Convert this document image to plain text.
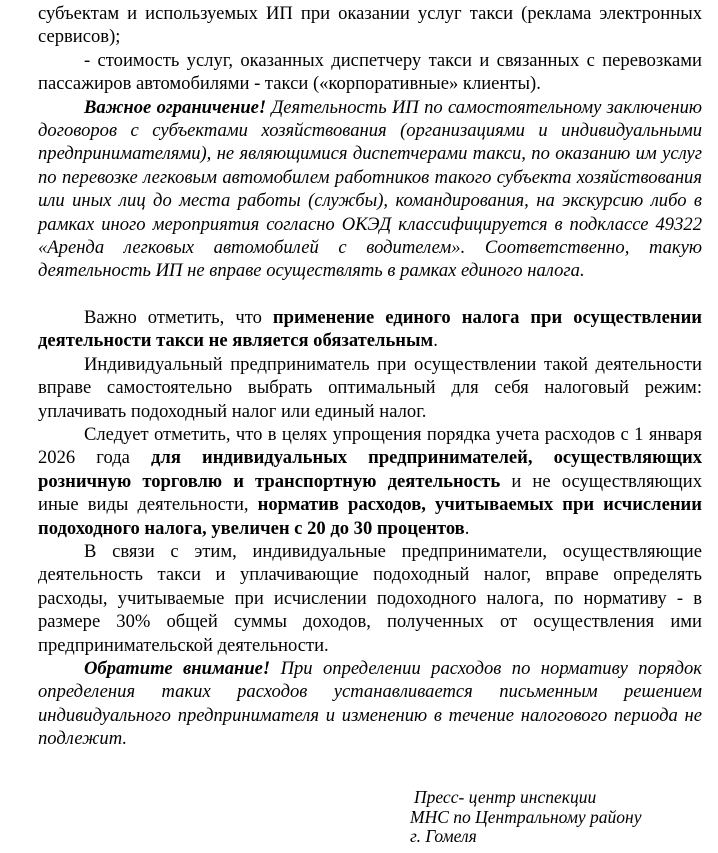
субъектам и используемых ИП при оказании услуг такси (реклама электронных сервисов);

- стоимость услуг, оказанных диспетчеру такси и связанных с перевозками пассажиров автомобилями - такси («корпоративные» клиенты).

Важное ограничение! Деятельность ИП по самостоятельному заключению договоров с субъектами хозяйствования (организациями и индивидуальными предпринимателями), не являющимися диспетчерами такси, по оказанию им услуг по перевозке легковым автомобилем работников такого субъекта хозяйствования или иных лиц до места работы (службы), командирования, на экскурсию либо в рамках иного мероприятия согласно ОКЭД классифицируется в подклассе 49322 «Аренда легковых автомобилей с водителем». Соответственно, такую деятельность ИП не вправе осуществлять в рамках единого налога.

Важно отметить, что применение единого налога при осуществлении деятельности такси не является обязательным.

Индивидуальный предприниматель при осуществлении такой деятельности вправе самостоятельно выбрать оптимальный для себя налоговый режим: уплачивать подоходный налог или единый налог.

Следует отметить, что в целях упрощения порядка учета расходов с 1 января 2026 года для индивидуальных предпринимателей, осуществляющих розничную торговлю и транспортную деятельность и не осуществляющих иные виды деятельности, норматив расходов, учитываемых при исчислении подоходного налога, увеличен с 20 до 30 процентов.

В связи с этим, индивидуальные предприниматели, осуществляющие деятельность такси и уплачивающие подоходный налог, вправе определять расходы, учитываемые при исчислении подоходного налога, по нормативу - в размере 30% общей суммы доходов, полученных от осуществления ими предпринимательской деятельности.

Обратите внимание! При определении расходов по нормативу порядок определения таких расходов устанавливается письменным решением индивидуального предпринимателя и изменению в течение налогового периода не подлежит.

Пресс- центр инспекции
МНС по Центральному району
г. Гомеля
